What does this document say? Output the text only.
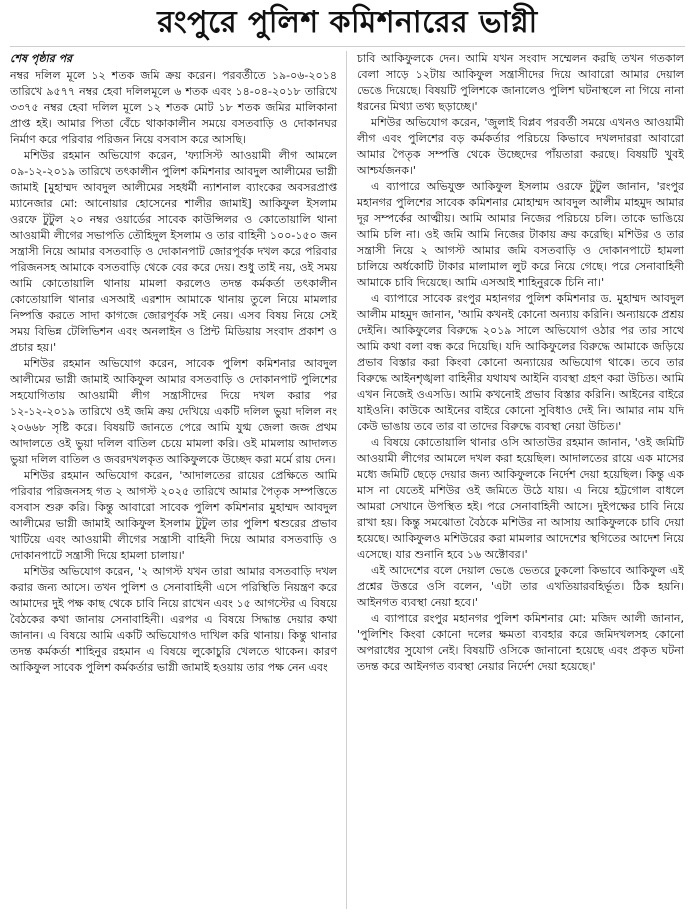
রংপুরে পুলিশ কমিশনারের ভাগ্নী

শেষ পৃষ্ঠার পর

নম্বর দলিল মূলে ১২ শতক জমি ক্রয় করেন। পরবর্তীতে ১৯-০৬-২০১৪ তারিখে ৯৫৭৭ নম্বর হেবা দলিলমূলে ৬ শতক এবং ১৪-০৪-২০১৮ তারিখে ৩৩৭৫ নম্বর হেবা দলিল মূলে ১২ শতক মোট ১৮ শতক জমির মালিকানা প্রাপ্ত হই। আমার পিতা বেঁচে থাকাকালীন সময়ে বসতবাড়ি ও দোকানঘর নির্মাণ করে পরিবার পরিজন নিয়ে বসবাস করে আসছি।

মশিউর রহমান অভিযোগ করেন, 'ফ্যাসিস্ট আওয়ামী লীগ আমলে ০৯-১২-২০১৯ তারিখে তৎকালীন পুলিশ কমিশনার আবদুল আলীমের ভাগ্নী জামাই [মুহাম্মদ আবদুল আলীমের সহধর্মী ন্যাশনাল ব্যাংকের অবসরপ্রাপ্ত ম্যানেজার মো: আনোয়ার হোসেনের শালীর জামাই] আকিফুল ইসলাম ওরফে টুটুল ২০ নম্বর ওয়ার্ডের সাবেক কাউন্সিলর ও কোতোয়ালি থানা আওয়ামী লীগের সভাপতি তৌহিদুল ইসলাম ও তার বাহিনী ১০০-১৫০ জন সন্ত্রাসী নিয়ে আমার বসতবাড়ি ও দোকানপাট জোরপূর্বক দখল করে পরিবার পরিজনসহ আমাকে বসতবাড়ি থেকে বের করে দেয়। শুধু তাই নয়, ওই সময় আমি কোতোয়ালি থানায় মামলা করলেও তদন্ত কর্মকর্তা তৎকালীন কোতোয়ালি থানার এসআই এরশাদ আমাকে থানায় তুলে নিয়ে মামলার নিষ্পত্তি করতে সাদা কাগজে জোরপূর্বক সই নেয়। এসব বিষয় নিয়ে সেই সময় বিভিন্ন টেলিভিশন এবং অনলাইন ও প্রিন্ট মিডিয়ায় সংবাদ প্রকাশ ও প্রচার হয়।'

মশিউর রহমান অভিযোগ করেন, সাবেক পুলিশ কমিশনার আবদুল আলীমের ভাগ্নী জামাই আকিফুল আমার বসতবাড়ি ও দোকানপাট পুলিশের সহযোগিতায় আওয়ামী লীগ সন্ত্রাসীদের দিয়ে দখল করার পর ১২-১২-২০১৯ তারিখে ওই জমি ক্রয় দেখিয়ে একটি দলিল ভুয়া দলিল নং ২০৬৬৮ সৃষ্টি করে। বিষয়টি জানতে পেরে আমি যুগ্ম জেলা জজ প্রথম আদালতে ওই ভুয়া দলিল বাতিল চেয়ে মামলা করি। ওই মামলায় আদালত ভুয়া দলিল বাতিল ও জবরদখলকৃত আকিফুলকে উচ্ছেদ করা মর্মে রায় দেন।

মশিউর রহমান অভিযোগ করেন, 'আদালতের রায়ের প্রেক্ষিতে আমি পরিবার পরিজনসহ গত ২ আগস্ট ২০২৫ তারিখে আমার পৈতৃক সম্পত্তিতে বসবাস শুরু করি। কিন্তু আবারো সাবেক পুলিশ কমিশনার মুহাম্মদ আবদুল আলীমের ভাগ্নী জামাই আকিফুল ইসলাম টুটুল তার পুলিশ শ্বশুরের প্রভাব খাটিয়ে এবং আওয়ামী লীগের সন্ত্রাসী বাহিনী দিয়ে আমার বসতবাড়ি ও দোকানপাটে সন্ত্রাসী দিয়ে হামলা চালায়।'

মশিউর অভিযোগ করেন, '২ আগস্ট যখন তারা আমার বসতবাড়ি দখল করার জন্য আসে। তখন পুলিশ ও সেনাবাহিনী এসে পরিস্থিতি নিয়ন্ত্রণ করে আমাদের দুই পক্ষ কাছ থেকে চাবি নিয়ে রাখেন এবং ১৫ আগস্টের এ বিষয়ে বৈঠকের কথা জানায় সেনাবাহিনী। এরপর এ বিষয়ে সিদ্ধান্ত দেয়ার কথা জানান। এ বিষয়ে আমি একটি অভিযোগও দাখিল করি থানায়। কিন্তু থানার তদন্ত কর্মকর্তা শাহিনুর রহমান এ বিষয়ে লুকোচুরি খেলতে থাকেন। কারণ আকিফুল সাবেক পুলিশ কর্মকর্তার ভাগ্নী জামাই হওয়ায় তার পক্ষ নেন এবং

চাবি আকিফুলকে দেন। আমি যখন সংবাদ সম্মেলন করছি তখন গতকাল বেলা সাড়ে ১২টায় আকিফুল সন্ত্রাসীদের দিয়ে আবারো আমার দেয়াল ভেঙে দিয়েছে। বিষয়টি পুলিশকে জানালেও পুলিশ ঘটনাস্থলে না গিয়ে নানা ধরনের মিথ্যা তথ্য ছড়াচ্ছে।'

মশিউর অভিযোগ করেন, 'জুলাই বিপ্লব পরবর্তী সময়ে এখনও আওয়ামী লীগ এবং পুলিশের বড় কর্মকর্তার পরিচয়ে কিভাবে দখলদাররা আবারো আমার পৈতৃক সম্পত্তি থেকে উচ্ছেদের পাঁয়তারা করছে। বিষয়টি খুবই আশ্চর্যজনক।'

এ ব্যাপারে অভিযুক্ত আকিফুল ইসলাম ওরফে টুটুল জানান, 'রংপুর মহানগর পুলিশের সাবেক কমিশনার মোহাম্মদ আবদুল আলীম মাহমুদ আমার দূর সম্পর্কের আত্মীয়। আমি আমার নিজের পরিচয়ে চলি। তাকে ভাঙিয়ে আমি চলি না। ওই জমি আমি নিজের টাকায় ক্রয় করেছি। মশিউর ও তার সন্ত্রাসী নিয়ে ২ আগস্ট আমার জমি বসতবাড়ি ও দোকানপাটে হামলা চালিয়ে অর্ধকোটি টাকার মালামাল লুট করে নিয়ে গেছে। পরে সেনাবাহিনী আমাকে চাবি দিয়েছে। আমি এসআই শাহিনুরকে চিনি না।'

এ ব্যাপারে সাবেক রংপুর মহানগর পুলিশ কমিশনার ড. মুহাম্মদ আবদুল আলীম মাহমুদ জানান, 'আমি কখনই কোনো অন্যায় করিনি। অন্যায়কে প্রশ্রয় দেইনি। আকিফুলের বিরুদ্ধে ২০১৯ সালে অভিযোগ ওঠার পর তার সাথে আমি কথা বলা বন্ধ করে দিয়েছি। যদি আকিফুলের বিরুদ্ধে আমাকে জড়িয়ে প্রভাব বিস্তার করা কিংবা কোনো অন্যায়ের অভিযোগ থাকে। তবে তার বিরুদ্ধে আইনশৃঙ্খলা বাহিনীর যথাযথ আইনি ব্যবস্থা গ্রহণ করা উচিত। আমি এখন নিজেই ওএসডি। আমি কখনোই প্রভাব বিস্তার করিনি। আইনের বাইরে যাইওনি। কাউকে আইনের বাইরে কোনো সুবিধাও দেই নি। আমার নাম যদি কেউ ভাঙায় তবে তার বা তাদের বিরুদ্ধে ব্যবস্থা নেয়া উচিত।'

এ বিষয়ে কোতোয়ালি থানার ওসি আতাউর রহমান জানান, 'ওই জমিটি আওয়ামী লীগের আমলে দখল করা হয়েছিল। আদালতের রায়ে এক মাসের মধ্যে জমিটি ছেড়ে দেয়ার জন্য আকিফুলকে নির্দেশ দেয়া হয়েছিল। কিন্তু এক মাস না যেতেই মশিউর ওই জমিতে উঠে যায়। এ নিয়ে হট্টগোল বাধলে আমরা সেখানে উপস্থিত হই। পরে সেনাবাহিনী আসে। দুইপক্ষের চাবি নিয়ে রাখা হয়। কিন্তু সমঝোতা বৈঠকে মশিউর না আসায় আকিফুলকে চাবি দেয়া হয়েছে। আকিফুলও মশিউরের করা মামলার আদেশের স্থগিতের আদেশ নিয়ে এসেছে। যার শুনানি হবে ১৬ অক্টোবর।'

এই আদেশের বলে দেয়াল ভেঙে ভেতরে ঢুকলো কিভাবে আকিফুল এই প্রশ্নের উত্তরে ওসি বলেন, 'এটা তার এখতিয়ারবহির্ভূত। ঠিক হয়নি। আইনগত ব্যবস্থা নেয়া হবে।'

এ ব্যাপারে রংপুর মহানগর পুলিশ কমিশনার মো: মজিদ আলী জানান, 'পুলিশিং কিংবা কোনো দলের ক্ষমতা ব্যবহার করে জমিদখলসহ কোনো অপরাধের সুযোগ নেই। বিষয়টি ওসিকে জানানো হয়েছে এবং প্রকৃত ঘটনা তদন্ত করে আইনগত ব্যবস্থা নেয়ার নির্দেশ দেয়া হয়েছে।'
